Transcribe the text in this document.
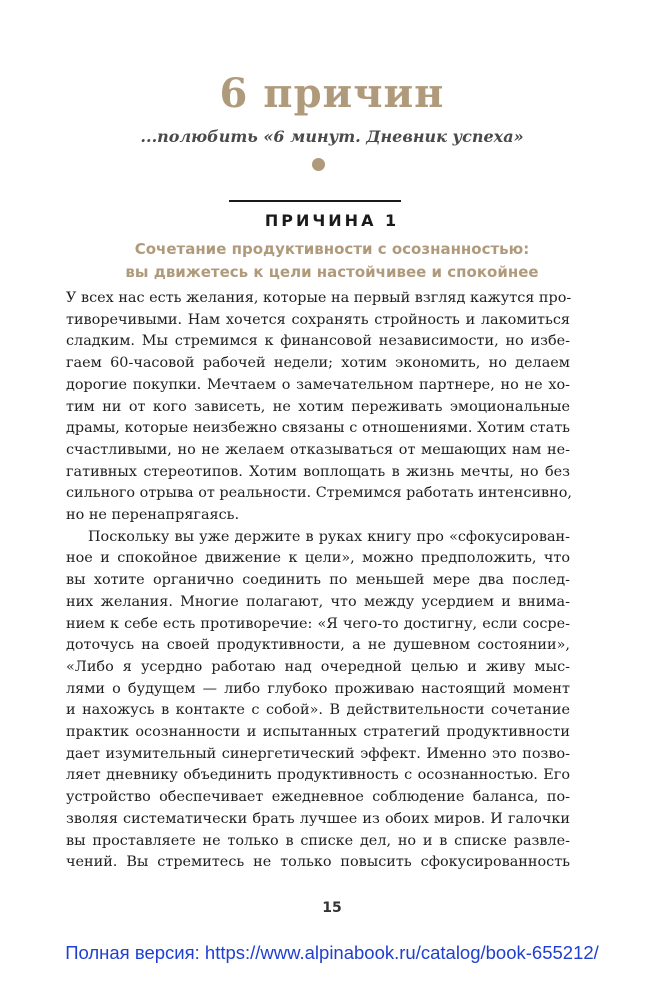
6 причин
...полюбить «6 минут. Дневник успеха»
ПРИЧИНА 1
Сочетание продуктивности с осознанностью:
вы движетесь к цели настойчивее и спокойнее
У всех нас есть желания, которые на первый взгляд кажутся про-
тиворечивыми. Нам хочется сохранять стройность и лакомиться
сладким. Мы стремимся к финансовой независимости, но избе-
гаем 60-часовой рабочей недели; хотим экономить, но делаем
дорогие покупки. Мечтаем о замечательном партнере, но не хо-
тим ни от кого зависеть, не хотим переживать эмоциональные
драмы, которые неизбежно связаны с отношениями. Хотим стать
счастливыми, но не желаем отказываться от мешающих нам не-
гативных стереотипов. Хотим воплощать в жизнь мечты, но без
сильного отрыва от реальности. Стремимся работать интенсивно,
но не перенапрягаясь.
Поскольку вы уже держите в руках книгу про «сфокусирован-
ное и спокойное движение к цели», можно предположить, что
вы хотите органично соединить по меньшей мере два послед-
них желания. Многие полагают, что между усердием и внима-
нием к себе есть противоречие: «Я чего-то достигну, если сосре-
доточусь на своей продуктивности, а не душевном состоянии»,
«Либо я усердно работаю над очередной целью и живу мыс-
лями о будущем — либо глубоко проживаю настоящий момент
и нахожусь в контакте с собой». В действительности сочетание
практик осознанности и испытанных стратегий продуктивности
дает изумительный синергетический эффект. Именно это позво-
ляет дневнику объединить продуктивность с осознанностью. Его
устройство обеспечивает ежедневное соблюдение баланса, по-
зволяя систематически брать лучшее из обоих миров. И галочки
вы проставляете не только в списке дел, но и в списке развле-
чений. Вы стремитесь не только повысить сфокусированность
15
Полная версия: https://www.alpinabook.ru/catalog/book-655212/
